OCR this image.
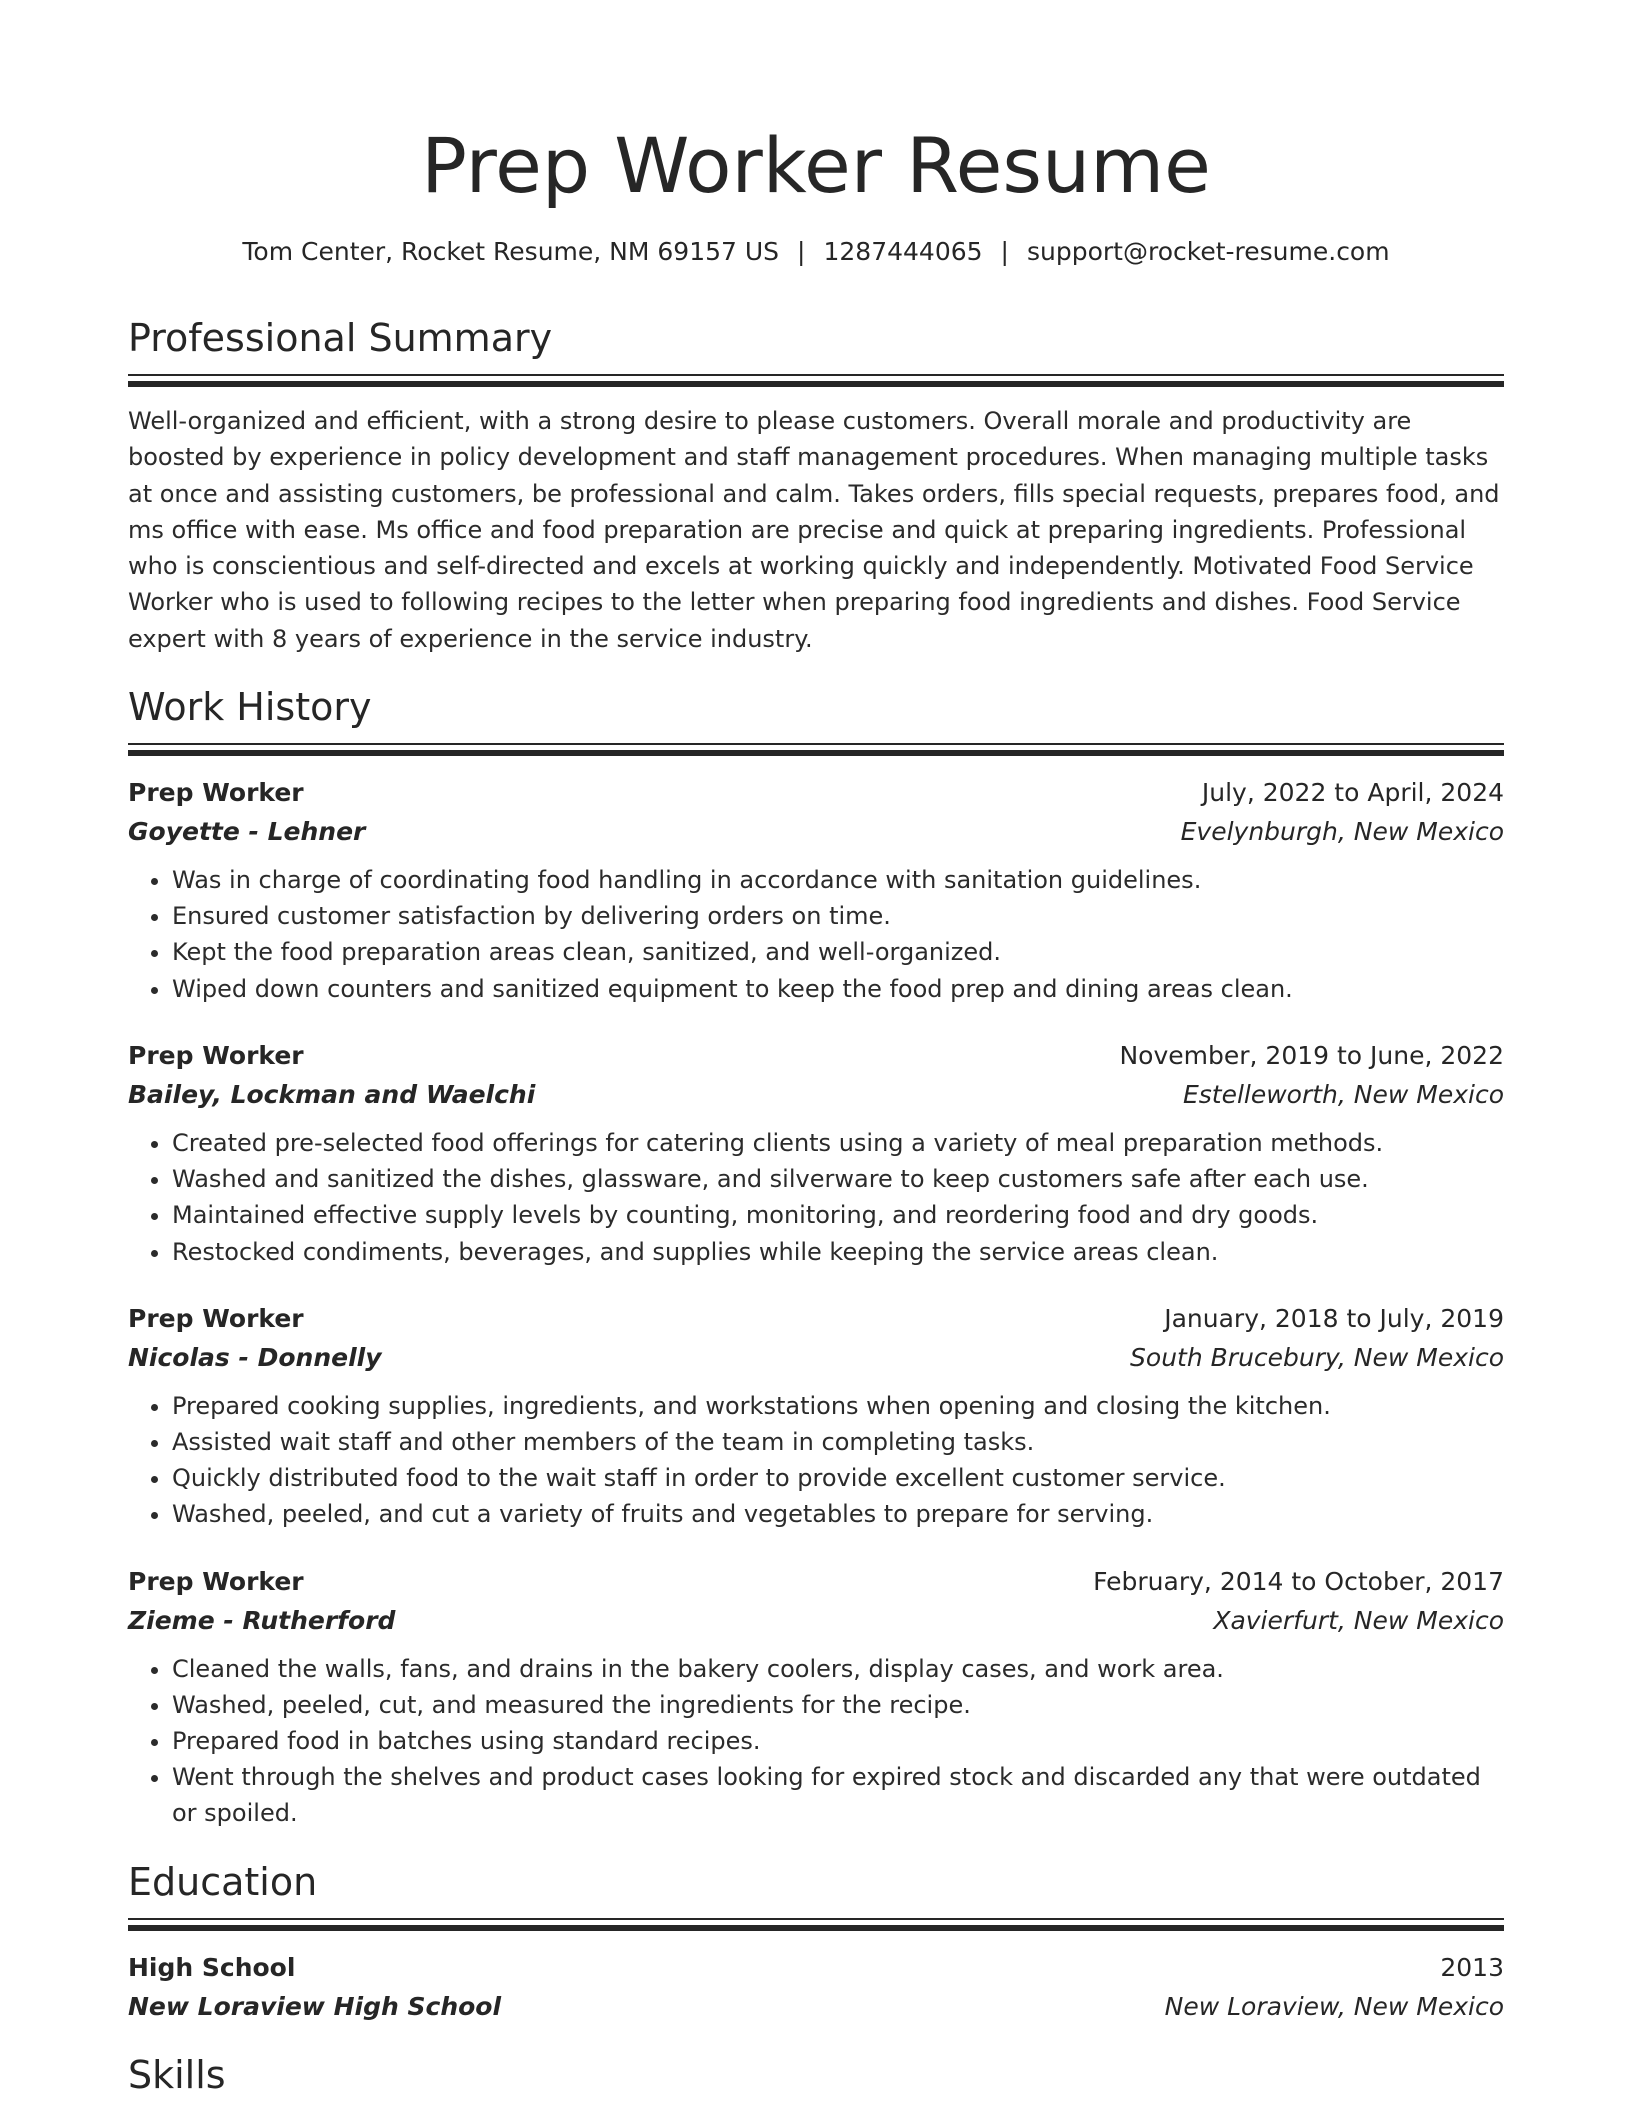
Prep Worker Resume
Tom Center, Rocket Resume, NM 69157 US | 1287444065 | support@rocket-resume.com
Professional Summary
Well-organized and efficient, with a strong desire to please customers. Overall morale and productivity are boosted by experience in policy development and staff management procedures. When managing multiple tasks at once and assisting customers, be professional and calm. Takes orders, fills special requests, prepares food, and ms office with ease. Ms office and food preparation are precise and quick at preparing ingredients. Professional who is conscientious and self-directed and excels at working quickly and independently. Motivated Food Service Worker who is used to following recipes to the letter when preparing food ingredients and dishes. Food Service expert with 8 years of experience in the service industry.
Work History
Prep Worker	July, 2022 to April, 2024
Goyette - Lehner	Evelynburgh, New Mexico
• Was in charge of coordinating food handling in accordance with sanitation guidelines.
• Ensured customer satisfaction by delivering orders on time.
• Kept the food preparation areas clean, sanitized, and well-organized.
• Wiped down counters and sanitized equipment to keep the food prep and dining areas clean.
Prep Worker	November, 2019 to June, 2022
Bailey, Lockman and Waelchi	Estelleworth, New Mexico
• Created pre-selected food offerings for catering clients using a variety of meal preparation methods.
• Washed and sanitized the dishes, glassware, and silverware to keep customers safe after each use.
• Maintained effective supply levels by counting, monitoring, and reordering food and dry goods.
• Restocked condiments, beverages, and supplies while keeping the service areas clean.
Prep Worker	January, 2018 to July, 2019
Nicolas - Donnelly	South Brucebury, New Mexico
• Prepared cooking supplies, ingredients, and workstations when opening and closing the kitchen.
• Assisted wait staff and other members of the team in completing tasks.
• Quickly distributed food to the wait staff in order to provide excellent customer service.
• Washed, peeled, and cut a variety of fruits and vegetables to prepare for serving.
Prep Worker	February, 2014 to October, 2017
Zieme - Rutherford	Xavierfurt, New Mexico
• Cleaned the walls, fans, and drains in the bakery coolers, display cases, and work area.
• Washed, peeled, cut, and measured the ingredients for the recipe.
• Prepared food in batches using standard recipes.
• Went through the shelves and product cases looking for expired stock and discarded any that were outdated or spoiled.
Education
High School	2013
New Loraview High School	New Loraview, New Mexico
Skills
